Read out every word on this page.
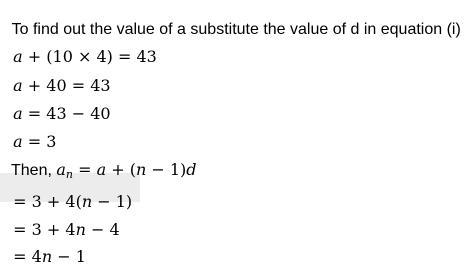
To find out the value of a substitute the value of d in equation (i)

a + (10 × 4) = 43

a + 40 = 43

a = 43 − 40

a = 3

Then, $a_n = a + (n - 1)d$

= 3 + 4(n − 1)

= 3 + 4n − 4

= 4n − 1
